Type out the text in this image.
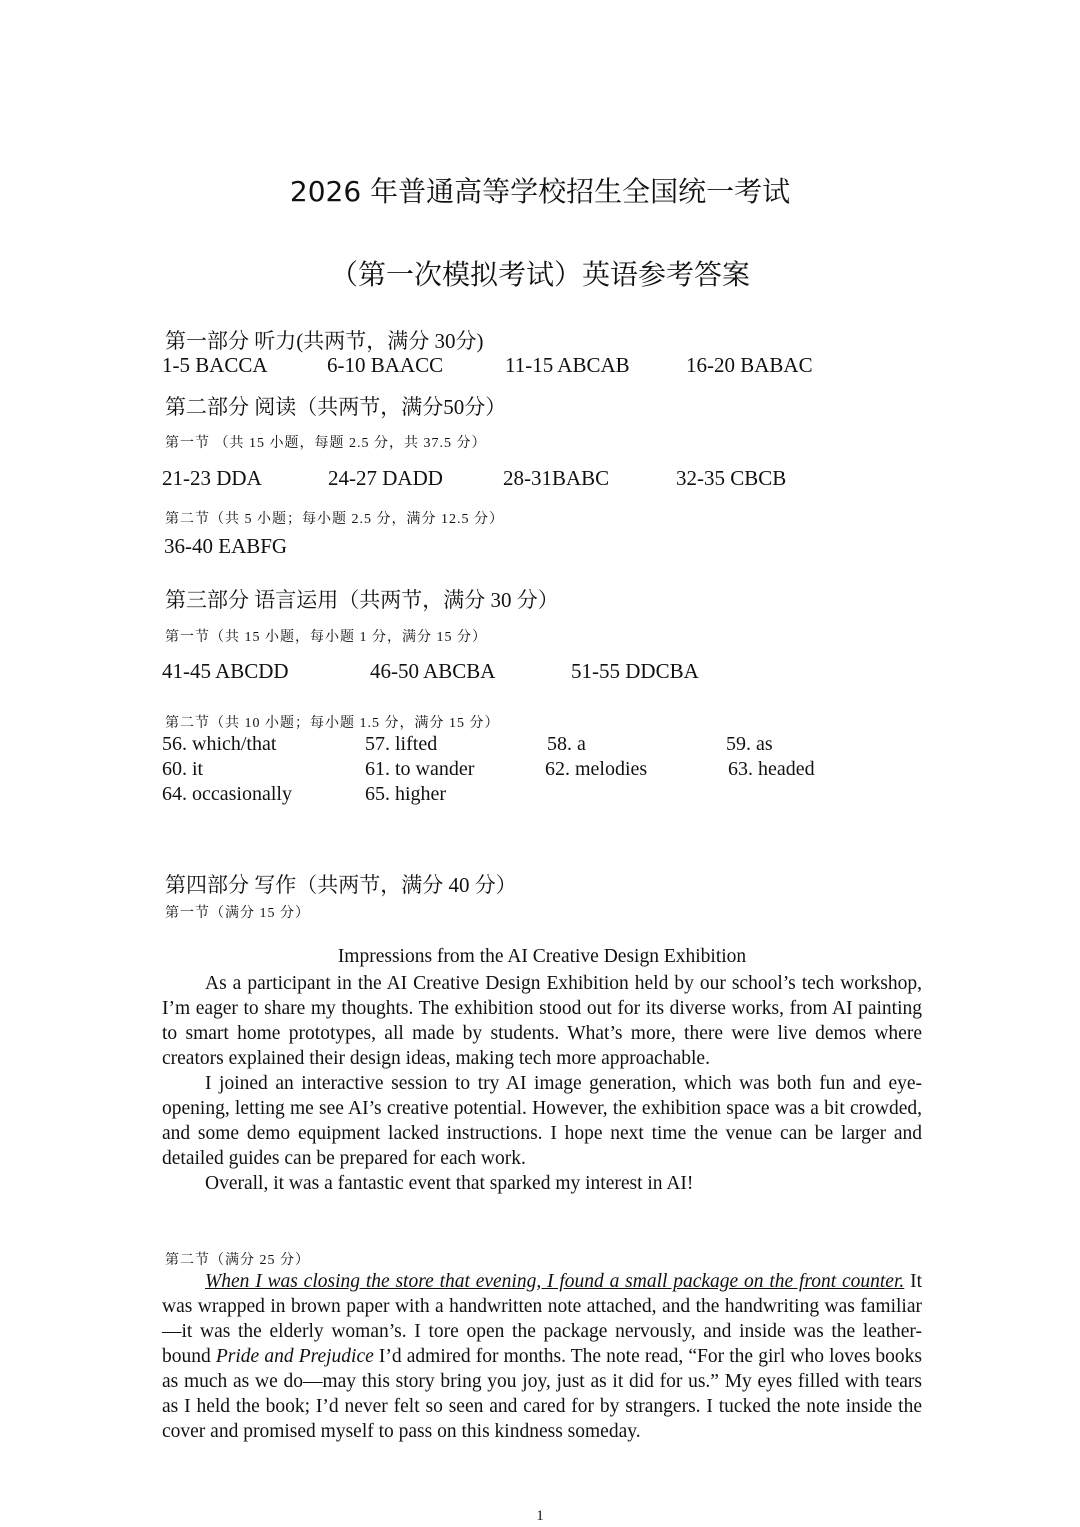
2026 年普通高等学校招生全国统一考试
（第一次模拟考试）英语参考答案
第一部分 听力(共两节，满分 30分)
1-5 BACCA	6-10 BAACC	11-15 ABCAB	16-20 BABAC
第二部分 阅读（共两节，满分50分）
第一节 （共 15 小题，每题 2.5 分，共 37.5 分）
21-23 DDA	24-27 DADD	28-31BABC	32-35 CBCB
第二节（共 5 小题；每小题 2.5 分，满分 12.5 分）
36-40 EABFG
第三部分 语言运用（共两节，满分 30 分）
第一节（共 15 小题，每小题 1 分，满分 15 分）
41-45 ABCDD	46-50 ABCBA	51-55 DDCBA
第二节（共 10 小题；每小题 1.5 分，满分 15 分）
56. which/that	57. lifted	58. a	59. as
60. it	61. to wander	62. melodies	63. headed
64. occasionally	65. higher
第四部分 写作（共两节，满分 40 分）
第一节（满分 15 分）
Impressions from the AI Creative Design Exhibition

As a participant in the AI Creative Design Exhibition held by our school’s tech workshop, I’m eager to share my thoughts. The exhibition stood out for its diverse works, from AI painting to smart home prototypes, all made by students. What’s more, there were live demos where creators explained their design ideas, making tech more approachable.

I joined an interactive session to try AI image generation, which was both fun and eye-opening, letting me see AI’s creative potential. However, the exhibition space was a bit crowded, and some demo equipment lacked instructions. I hope next time the venue can be larger and detailed guides can be prepared for each work.

Overall, it was a fantastic event that sparked my interest in AI!

第二节（满分 25 分）

When I was closing the store that evening, I found a small package on the front counter. It was wrapped in brown paper with a handwritten note attached, and the handwriting was familiar—it was the elderly woman’s. I tore open the package nervously, and inside was the leather-bound Pride and Prejudice I’d admired for months. The note read, “For the girl who loves books as much as we do—may this story bring you joy, just as it did for us.” My eyes filled with tears as I held the book; I’d never felt so seen and cared for by strangers. I tucked the note inside the cover and promised myself to pass on this kindness someday.

1
